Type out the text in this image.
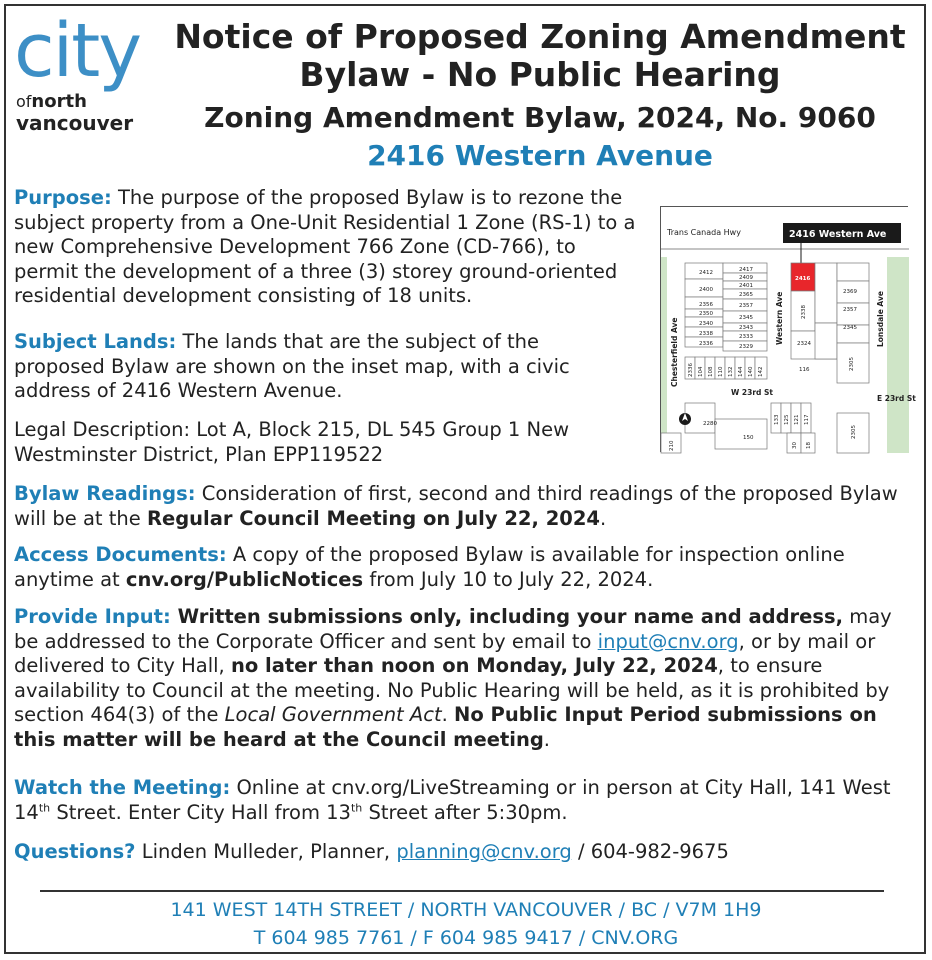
city
ofnorth
vancouver
Notice of Proposed Zoning Amendment
Bylaw - No Public Hearing
Zoning Amendment Bylaw, 2024, No. 9060
2416 Western Avenue
Purpose: The purpose of the proposed Bylaw is to rezone the subject property from a One-Unit Residential 1 Zone (RS-1) to a new Comprehensive Development 766 Zone (CD-766), to permit the development of a three (3) storey ground-oriented residential development consisting of 18 units.
Subject Lands: The lands that are the subject of the proposed Bylaw are shown on the inset map, with a civic address of 2416 Western Avenue.
Legal Description: Lot A, Block 215, DL 545 Group 1 New Westminster District, Plan EPP119522
Trans Canada Hwy	2416 Western Ave
Chesterfield Ave	Western Ave	Lonsdale Ave
W 23rd St
E 23rd St
2412
2400
2356
2350
2340
2338
2336
2417
2409
2401
2365
2357
2345
2343
2333
2329
2416
2338
2324
116
2369
2357
2345
2305
2336 104 108 110 132 144 140 142
2280
150
210
133 125 121 117
30 18
2305
Bylaw Readings: Consideration of first, second and third readings of the proposed Bylaw will be at the Regular Council Meeting on July 22, 2024.
Access Documents: A copy of the proposed Bylaw is available for inspection online anytime at cnv.org/PublicNotices from July 10 to July 22, 2024.
Provide Input: Written submissions only, including your name and address, may be addressed to the Corporate Officer and sent by email to input@cnv.org, or by mail or delivered to City Hall, no later than noon on Monday, July 22, 2024, to ensure availability to Council at the meeting. No Public Hearing will be held, as it is prohibited by section 464(3) of the Local Government Act. No Public Input Period submissions on this matter will be heard at the Council meeting.
Watch the Meeting: Online at cnv.org/LiveStreaming or in person at City Hall, 141 West 14th Street. Enter City Hall from 13th Street after 5:30pm.
Questions? Linden Mulleder, Planner, planning@cnv.org / 604-982-9675
141 WEST 14TH STREET / NORTH VANCOUVER / BC / V7M 1H9
T 604 985 7761 / F 604 985 9417 / CNV.ORG
